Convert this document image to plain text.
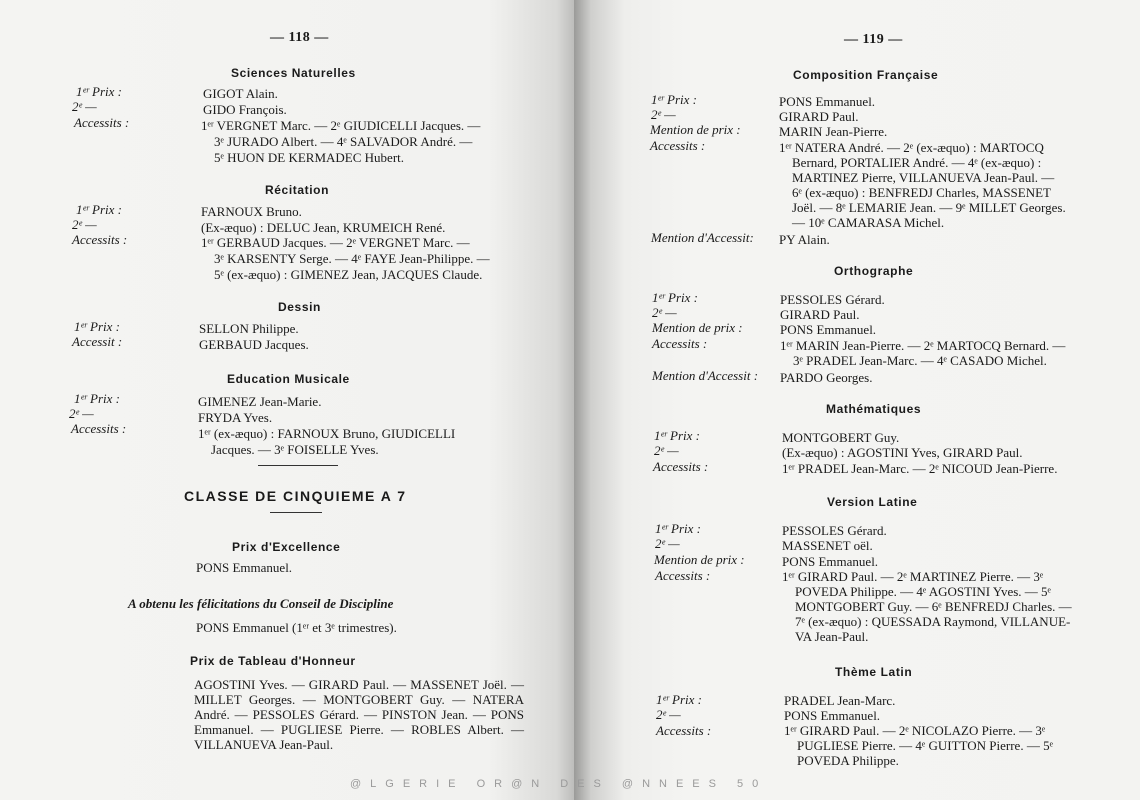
— 118 —
Sciences Naturelles
1ᵉʳ Prix :	GIGOT Alain.
2ᵉ —	GIDO François.
Accessits :	1ᵉʳ VERGNET Marc. — 2ᵉ GIUDICELLI Jacques. —
3ᵉ JURADO Albert. — 4ᵉ SALVADOR André. —
5ᵉ HUON DE KERMADEC Hubert.
Récitation
1ᵉʳ Prix :	FARNOUX Bruno.
2ᵉ —	(Ex-æquo) : DELUC Jean, KRUMEICH René.
Accessits :	1ᵉʳ GERBAUD Jacques. — 2ᵉ VERGNET Marc. —
3ᵉ KARSENTY Serge. — 4ᵉ FAYE Jean-Philippe. —
5ᵉ (ex-æquo) : GIMENEZ Jean, JACQUES Claude.
Dessin
1ᵉʳ Prix :	SELLON Philippe.
Accessit :	GERBAUD Jacques.
Education Musicale
1ᵉʳ Prix :	GIMENEZ Jean-Marie.
2ᵉ —	FRYDA Yves.
Accessits :	1ᵉʳ (ex-æquo) : FARNOUX Bruno, GIUDICELLI
Jacques. — 3ᵉ FOISELLE Yves.
CLASSE DE CINQUIEME A 7
Prix d'Excellence
PONS Emmanuel.
A obtenu les félicitations du Conseil de Discipline
PONS Emmanuel (1ᵉʳ et 3ᵉ trimestres).
Prix de Tableau d'Honneur
AGOSTINI Yves. — GIRARD Paul. — MASSENET Joël. — MILLET Georges. — MONTGOBERT Guy. — NATERA André. — PESSOLES Gérard. — PINSTON Jean. — PONS Emmanuel. — PUGLIESE Pierre. — ROBLES Albert. — VILLANUEVA Jean-Paul.
— 119 —
Composition Française
1ᵉʳ Prix :	PONS Emmanuel.
2ᵉ —	GIRARD Paul.
Mention de prix :	MARIN Jean-Pierre.
Accessits :	1ᵉʳ NATERA André. — 2ᵉ (ex-æquo) : MARTOCQ
Bernard, PORTALIER André. — 4ᵉ (ex-æquo) :
MARTINEZ Pierre, VILLANUEVA Jean-Paul. —
6ᵉ (ex-æquo) : BENFREDJ Charles, MASSENET
Joël. — 8ᵉ LEMARIE Jean. — 9ᵉ MILLET Georges.
— 10ᵉ CAMARASA Michel.
Mention d'Accessit: PY Alain.
Orthographe
1ᵉʳ Prix :	PESSOLES Gérard.
2ᵉ —	GIRARD Paul.
Mention de prix :	PONS Emmanuel.
Accessits :	1ᵉʳ MARIN Jean-Pierre. — 2ᵉ MARTOCQ Bernard. —
3ᵉ PRADEL Jean-Marc. — 4ᵉ CASADO Michel.
Mention d'Accessit : PARDO Georges.
Mathématiques
1ᵉʳ Prix :	MONTGOBERT Guy.
2ᵉ —	(Ex-æquo) : AGOSTINI Yves, GIRARD Paul.
Accessits :	1ᵉʳ PRADEL Jean-Marc. — 2ᵉ NICOUD Jean-Pierre.
Version Latine
1ᵉʳ Prix :	PESSOLES Gérard.
2ᵉ —	MASSENET oël.
Mention de prix :	PONS Emmanuel.
Accessits :	1ᵉʳ GIRARD Paul. — 2ᵉ MARTINEZ Pierre. — 3ᵉ
POVEDA Philippe. — 4ᵉ AGOSTINI Yves. — 5ᵉ
MONTGOBERT Guy. — 6ᵉ BENFREDJ Charles. —
7ᵉ (ex-æquo) : QUESSADA Raymond, VILLANUE-
VA Jean-Paul.
Thème Latin
1ᵉʳ Prix :	PRADEL Jean-Marc.
2ᵉ —	PONS Emmanuel.
Accessits :	1ᵉʳ GIRARD Paul. — 2ᵉ NICOLAZO Pierre. — 3ᵉ
PUGLIESE Pierre. — 4ᵉ GUITTON Pierre. — 5ᵉ
POVEDA Philippe.
@LGERIE OR@N DES @NNEES 50
